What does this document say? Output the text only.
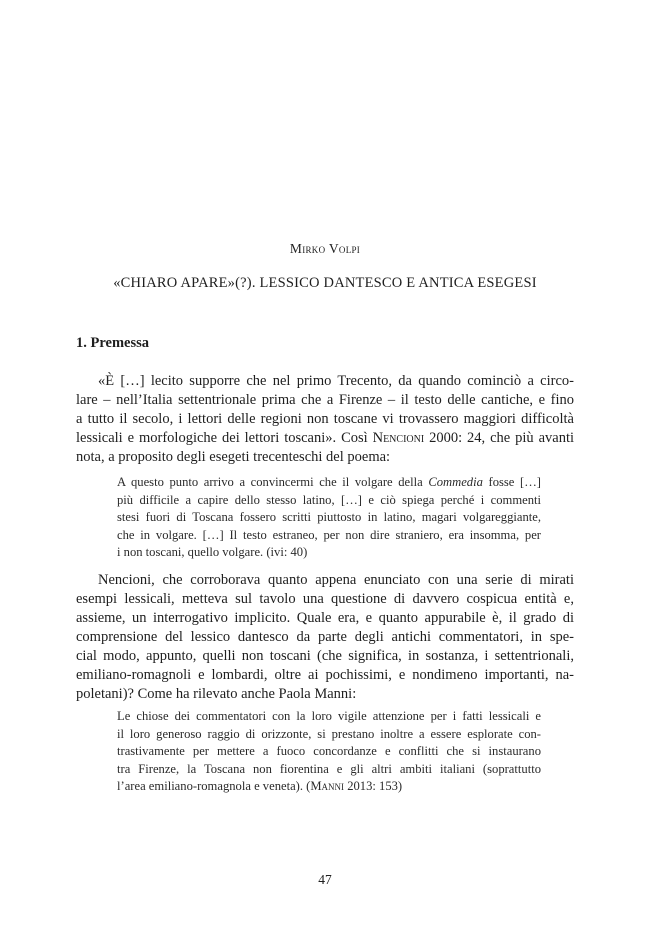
Mirko Volpi
«CHIARO APARE»(?). LESSICO DANTESCO E ANTICA ESEGESI
1. Premessa
«È […] lecito supporre che nel primo Trecento, da quando cominciò a circo-
lare – nell’Italia settentrionale prima che a Firenze – il testo delle cantiche, e fino
a tutto il secolo, i lettori delle regioni non toscane vi trovassero maggiori difficoltà
lessicali e morfologiche dei lettori toscani». Così Nencioni 2000: 24, che più avanti
nota, a proposito degli esegeti trecenteschi del poema:
A questo punto arrivo a convincermi che il volgare della Commedia fosse […]
più difficile a capire dello stesso latino, […] e ciò spiega perché i commenti
stesi fuori di Toscana fossero scritti piuttosto in latino, magari volgareggiante,
che in volgare. […] Il testo estraneo, per non dire straniero, era insomma, per
i non toscani, quello volgare. (ivi: 40)
Nencioni, che corroborava quanto appena enunciato con una serie di mirati
esempi lessicali, metteva sul tavolo una questione di davvero cospicua entità e,
assieme, un interrogativo implicito. Quale era, e quanto appurabile è, il grado di
comprensione del lessico dantesco da parte degli antichi commentatori, in spe-
cial modo, appunto, quelli non toscani (che significa, in sostanza, i settentrionali,
emiliano-romagnoli e lombardi, oltre ai pochissimi, e nondimeno importanti, na-
poletani)? Come ha rilevato anche Paola Manni:
Le chiose dei commentatori con la loro vigile attenzione per i fatti lessicali e
il loro generoso raggio di orizzonte, si prestano inoltre a essere esplorate con-
trastivamente per mettere a fuoco concordanze e conflitti che si instaurano
tra Firenze, la Toscana non fiorentina e gli altri ambiti italiani (soprattutto
l’area emiliano-romagnola e veneta). (Manni 2013: 153)
47
